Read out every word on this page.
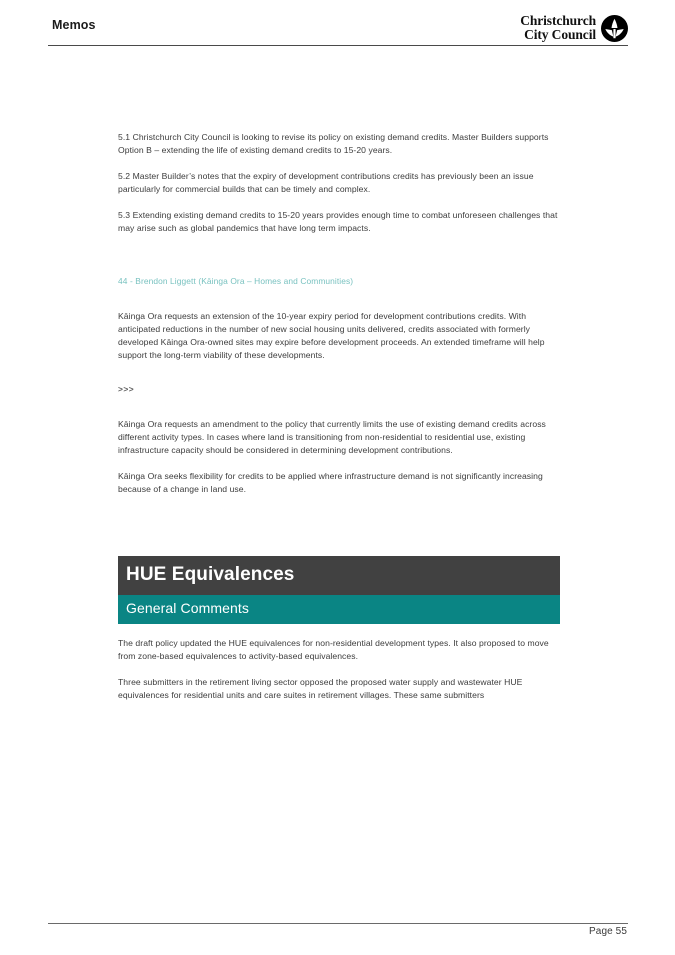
Memos	Christchurch
City Council

5.1 Christchurch City Council is looking to revise its policy on existing demand credits. Master Builders supports Option B – extending the life of existing demand credits to 15-20 years.

5.2 Master Builder’s notes that the expiry of development contributions credits has previously been an issue particularly for commercial builds that can be timely and complex.

5.3 Extending existing demand credits to 15-20 years provides enough time to combat unforeseen challenges that may arise such as global pandemics that have long term impacts.

44 - Brendon Liggett (Kāinga Ora – Homes and Communities)

Kāinga Ora requests an extension of the 10-year expiry period for development contributions credits. With anticipated reductions in the number of new social housing units delivered, credits associated with formerly developed Kāinga Ora-owned sites may expire before development proceeds. An extended timeframe will help support the long-term viability of these developments.

>>>

Kāinga Ora requests an amendment to the policy that currently limits the use of existing demand credits across different activity types. In cases where land is transitioning from non-residential to residential use, existing infrastructure capacity should be considered in determining development contributions.

Kāinga Ora seeks flexibility for credits to be applied where infrastructure demand is not significantly increasing because of a change in land use.

HUE Equivalences
General Comments

The draft policy updated the HUE equivalences for non-residential development types. It also proposed to move from zone-based equivalences to activity-based equivalences.

Three submitters in the retirement living sector opposed the proposed water supply and wastewater HUE equivalences for residential units and care suites in retirement villages. These same submitters

Page 55
